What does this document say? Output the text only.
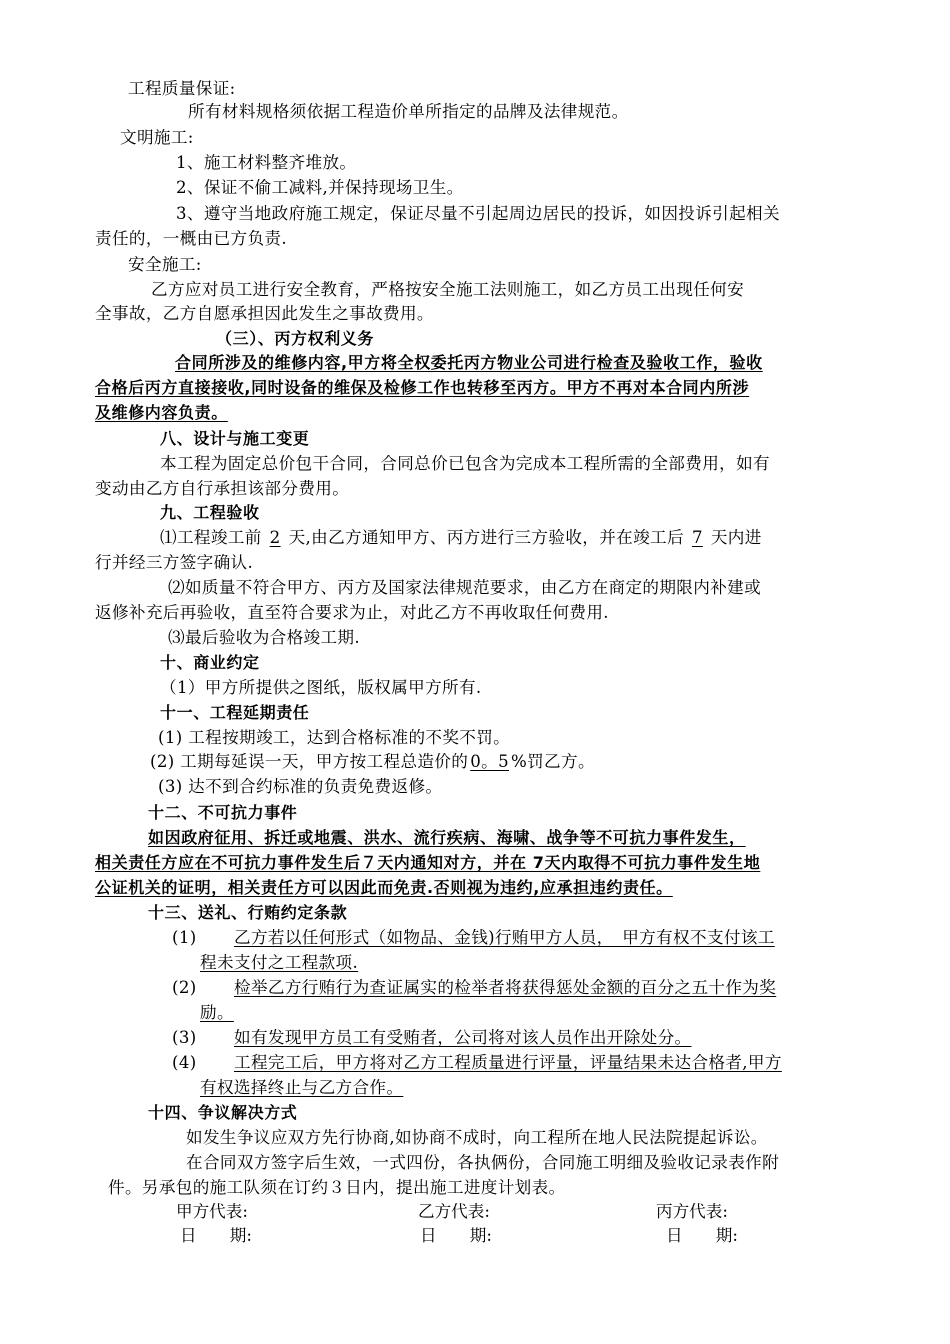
工程质量保证:
所有材料规格须依据工程造价单所指定的品牌及法律规范。
文明施工:
1、施工材料整齐堆放。
2、保证不偷工减料,并保持现场卫生。
3、遵守当地政府施工规定，保证尽量不引起周边居民的投诉，如因投诉引起相关
责任的，一概由已方负责.
安全施工:
乙方应对员工进行安全教育，严格按安全施工法则施工，如乙方员工出现任何安
全事故，乙方自愿承担因此发生之事故费用。
（三）、丙方权利义务
合同所涉及的维修内容,甲方将全权委托丙方物业公司进行检查及验收工作，验收
合格后丙方直接接收,同时设备的维保及检修工作也转移至丙方。甲方不再对本合同内所涉
及维修内容负责。
八、设计与施工变更
本工程为固定总价包干合同，合同总价已包含为完成本工程所需的全部费用，如有
变动由乙方自行承担该部分费用。
九、工程验收
⑴工程竣工前 2 天,由乙方通知甲方、丙方进行三方验收，并在竣工后 7 天内进
行并经三方签字确认.
⑵如质量不符合甲方、丙方及国家法律规范要求，由乙方在商定的期限内补建或
返修补充后再验收，直至符合要求为止，对此乙方不再收取任何费用.
⑶最后验收为合格竣工期.
十、商业约定
（1）甲方所提供之图纸，版权属甲方所有.
十一、工程延期责任
(1) 工程按期竣工，达到合格标准的不奖不罚。
(2) 工期每延误一天，甲方按工程总造价的 0。5 %罚乙方。
(3) 达不到合约标准的负责免费返修。
十二、不可抗力事件
如因政府征用、拆迁或地震、洪水、流行疾病、海啸、战争等不可抗力事件发生，
相关责任方应在不可抗力事件发生后７天内通知对方，并在 7天内取得不可抗力事件发生地
公证机关的证明，相关责任方可以因此而免责.否则视为违约,应承担违约责任。
十三、送礼、行贿约定条款
(1) 乙方若以任何形式（如物品、金钱)行贿甲方人员，　甲方有权不支付该工
程未支付之工程款项.
(2) 检举乙方行贿行为查证属实的检举者将获得惩处金额的百分之五十作为奖
励。
(3) 如有发现甲方员工有受贿者，公司将对该人员作出开除处分。
(4) 工程完工后，甲方将对乙方工程质量进行评量，评量结果未达合格者,甲方
有权选择终止与乙方合作。
十四、争议解决方式
如发生争议应双方先行协商,如协商不成时，向工程所在地人民法院提起诉讼。
在合同双方签字后生效，一式四份，各执俩份，合同施工明细及验收记录表作附
件。另承包的施工队须在订约３日内，提出施工进度计划表。
甲方代表:	乙方代表:	丙方代表:
日　　期:	日　　期:	日　　期:
